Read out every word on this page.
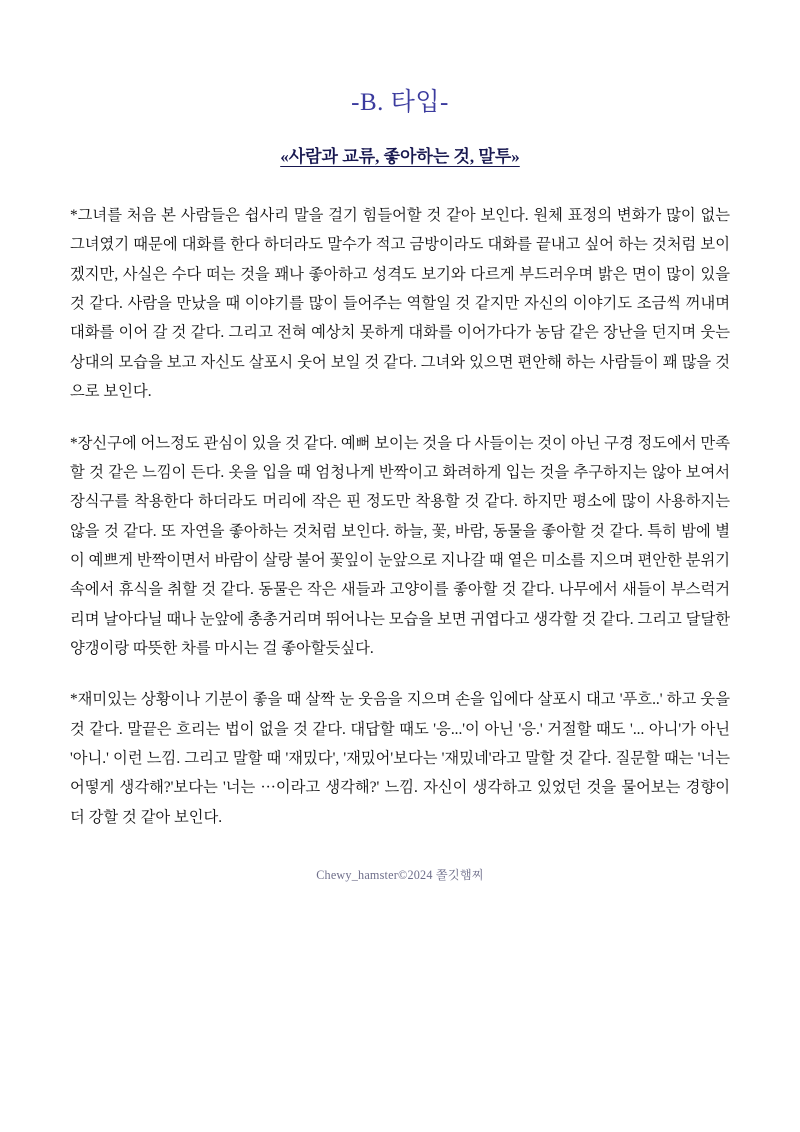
-B. 타입-
«사람과 교류, 좋아하는 것, 말투»

*그녀를 처음 본 사람들은 쉽사리 말을 걸기 힘들어할 것 같아 보인다. 원체 표정의 변화가 많이 없는 그녀였기 때문에 대화를 한다 하더라도 말수가 적고 금방이라도 대화를 끝내고 싶어 하는 것처럼 보이겠지만, 사실은 수다 떠는 것을 꽤나 좋아하고 성격도 보기와 다르게 부드러우며 밝은 면이 많이 있을 것 같다. 사람을 만났을 때 이야기를 많이 들어주는 역할일 것 같지만 자신의 이야기도 조금씩 꺼내며 대화를 이어 갈 것 같다. 그리고 전혀 예상치 못하게 대화를 이어가다가 농담 같은 장난을 던지며 웃는 상대의 모습을 보고 자신도 살포시 웃어 보일 것 같다. 그녀와 있으면 편안해 하는 사람들이 꽤 많을 것으로 보인다.

*장신구에 어느정도 관심이 있을 것 같다. 예뻐 보이는 것을 다 사들이는 것이 아닌 구경 정도에서 만족할 것 같은 느낌이 든다. 옷을 입을 때 엄청나게 반짝이고 화려하게 입는 것을 추구하지는 않아 보여서 장식구를 착용한다 하더라도 머리에 작은 핀 정도만 착용할 것 같다. 하지만 평소에 많이 사용하지는 않을 것 같다. 또 자연을 좋아하는 것처럼 보인다. 하늘, 꽃, 바람, 동물을 좋아할 것 같다. 특히 밤에 별이 예쁘게 반짝이면서 바람이 살랑 불어 꽃잎이 눈앞으로 지나갈 때 옅은 미소를 지으며 편안한 분위기 속에서 휴식을 취할 것 같다. 동물은 작은 새들과 고양이를 좋아할 것 같다. 나무에서 새들이 부스럭거리며 날아다닐 때나 눈앞에 총총거리며 뛰어나는 모습을 보면 귀엽다고 생각할 것 같다. 그리고 달달한 양갱이랑 따뜻한 차를 마시는 걸 좋아할듯싶다.

*재미있는 상황이나 기분이 좋을 때 살짝 눈 웃음을 지으며 손을 입에다 살포시 대고 '푸흐..' 하고 웃을 것 같다. 말끝은 흐리는 법이 없을 것 같다. 대답할 때도 '응...'이 아닌 '응.' 거절할 때도 '... 아니'가 아닌 '아니.' 이런 느낌. 그리고 말할 때 '재밌다', '재밌어'보다는 '재밌네'라고 말할 것 같다. 질문할 때는 '너는 어떻게 생각해?'보다는 '너는 ···이라고 생각해?' 느낌. 자신이 생각하고 있었던 것을 물어보는 경향이 더 강할 것 같아 보인다.

Chewy_hamster©2024 쫄깃햄찌
